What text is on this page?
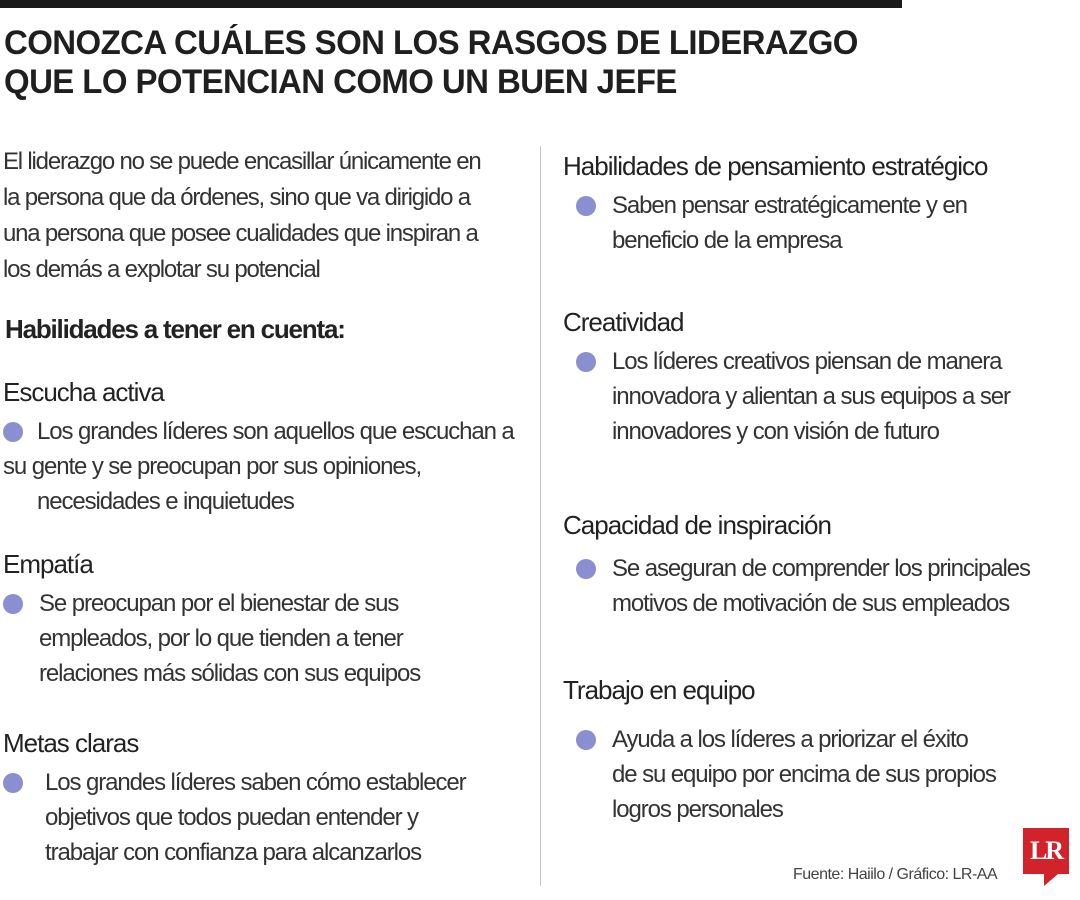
CONOZCA CUÁLES SON LOS RASGOS DE LIDERAZGO
QUE LO POTENCIAN COMO UN BUEN JEFE

El liderazgo no se puede encasillar únicamente en
la persona que da órdenes, sino que va dirigido a
una persona que posee cualidades que inspiran a
los demás a explotar su potencial

Habilidades a tener en cuenta:
Escucha activa

Los grandes líderes son aquellos que escuchan a
su gente y se preocupan por sus opiniones,
necesidades e inquietudes

Empatía

Se preocupan por el bienestar de sus
empleados, por lo que tienden a tener
relaciones más sólidas con sus equipos

Metas claras

Los grandes líderes saben cómo establecer
objetivos que todos puedan entender y
trabajar con confianza para alcanzarlos

Habilidades de pensamiento estratégico

Saben pensar estratégicamente y en
beneficio de la empresa

Creatividad

Los líderes creativos piensan de manera
innovadora y alientan a sus equipos a ser
innovadores y con visión de futuro

Capacidad de inspiración

Se aseguran de comprender los principales
motivos de motivación de sus empleados

Trabajo en equipo

Ayuda a los líderes a priorizar el éxito
de su equipo por encima de sus propios
logros personales

Fuente: Haiilo / Gráfico: LR-AA

LR
